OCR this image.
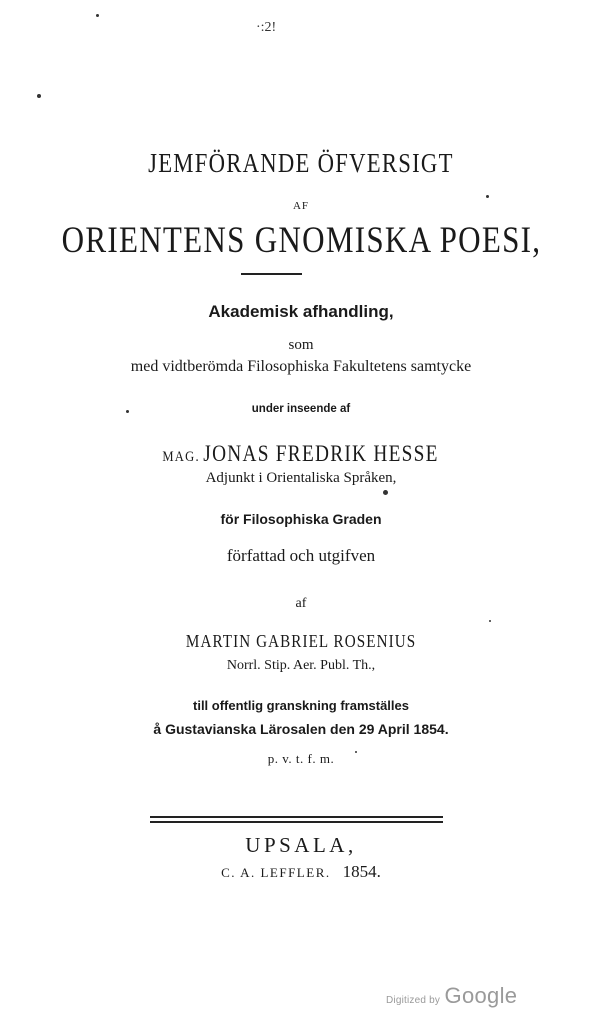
·:2!
JEMFÖRANDE ÖFVERSIGT
AF
ORIENTENS GNOMISKA POESI,
Akademisk afhandling,
som
med vidtberömda Filosophiska Fakultetens samtycke
under inseende af
MAG. JONAS FREDRIK HESSE
Adjunkt i Orientaliska Språken,
för Filosophiska Graden
författad och utgifven
af
MARTIN GABRIEL ROSENIUS
Norrl. Stip. Aer. Publ. Th.,
till offentlig granskning framställes
å Gustavianska Lärosalen den 29 April 1854.
p. v. t. f. m.
UPSALA,
C. A. LEFFLER. 1854.
Digitized by Google
